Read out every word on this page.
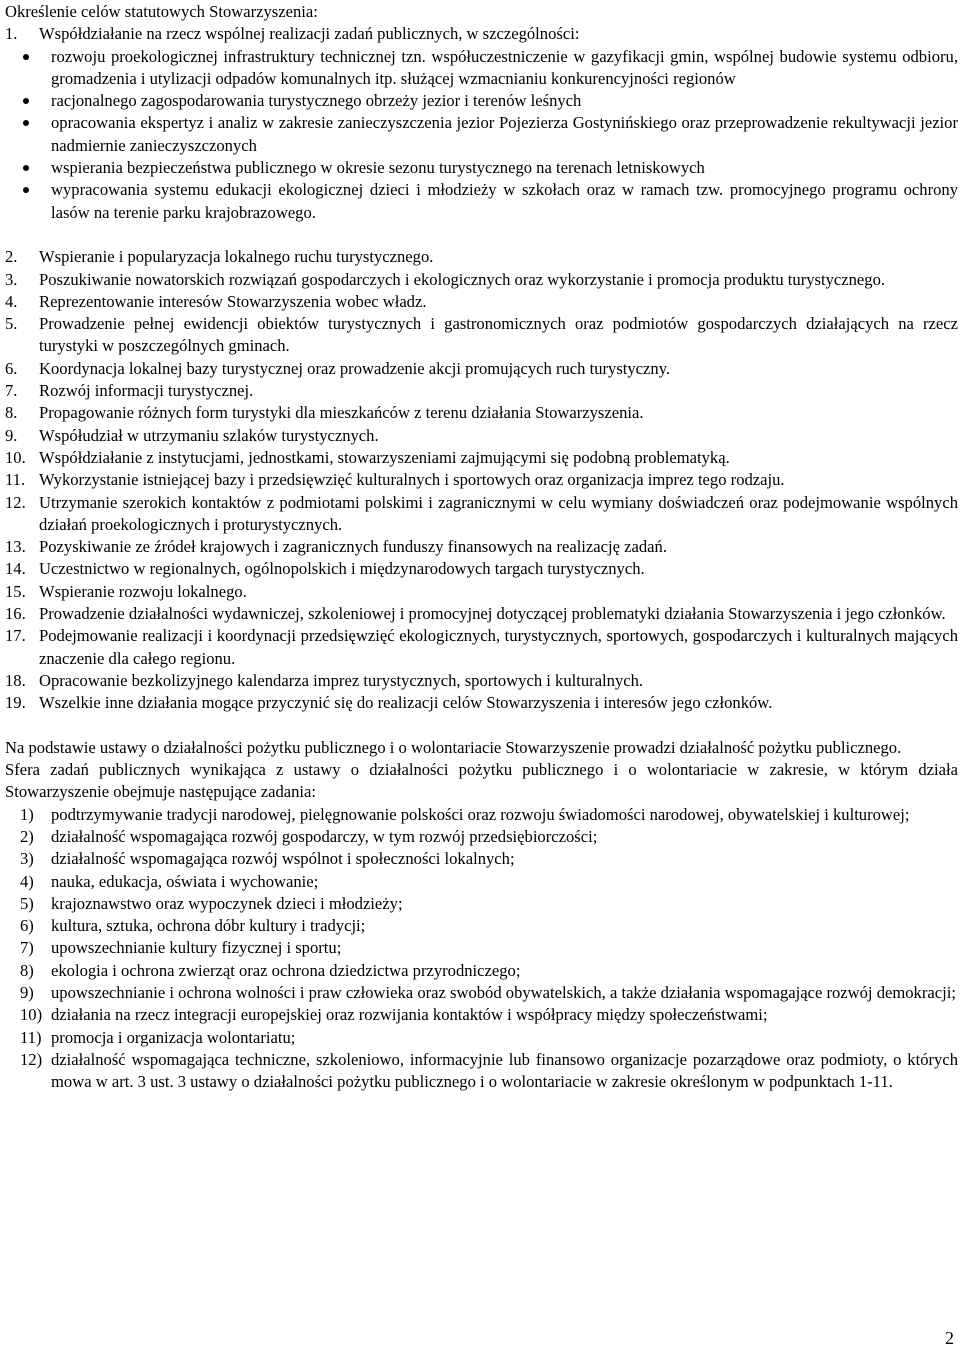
Określenie celów statutowych Stowarzyszenia:

1.	Współdziałanie na rzecz wspólnej realizacji zadań publicznych, w szczególności:
rozwoju proekologicznej infrastruktury technicznej tzn. współuczestniczenie w gazyfikacji gmin, wspólnej budowie systemu odbioru, gromadzenia i utylizacji odpadów komunalnych itp. służącej wzmacnianiu konkurencyjności regionów
racjonalnego zagospodarowania turystycznego obrzeży jezior i terenów leśnych
opracowania ekspertyz i analiz w zakresie zanieczyszczenia jezior Pojezierza Gostynińskiego oraz przeprowadzenie rekultywacji jezior nadmiernie zanieczyszczonych
wspierania bezpieczeństwa publicznego w okresie sezonu turystycznego na terenach letniskowych
wypracowania systemu edukacji ekologicznej dzieci i młodzieży w szkołach oraz w ramach tzw. promocyjnego programu ochrony lasów na terenie parku krajobrazowego.
2.	Wspieranie i popularyzacja lokalnego ruchu turystycznego.
3.	Poszukiwanie nowatorskich rozwiązań gospodarczych i ekologicznych oraz wykorzystanie i promocja produktu turystycznego.
4.	Reprezentowanie interesów Stowarzyszenia wobec władz.
5.	Prowadzenie pełnej ewidencji obiektów turystycznych i gastronomicznych oraz podmiotów gospodarczych działających na rzecz turystyki w poszczególnych gminach.
6.	Koordynacja lokalnej bazy turystycznej oraz prowadzenie akcji promujących ruch turystyczny.
7.	Rozwój informacji turystycznej.
8.	Propagowanie różnych form turystyki dla mieszkańców z terenu działania Stowarzyszenia.
9.	Współudział w utrzymaniu szlaków turystycznych.
10. Współdziałanie z instytucjami, jednostkami, stowarzyszeniami zajmującymi się podobną problematyką.
11. Wykorzystanie istniejącej bazy i przedsięwzięć kulturalnych i sportowych oraz organizacja imprez tego rodzaju.
12. Utrzymanie szerokich kontaktów z podmiotami polskimi i zagranicznymi w celu wymiany doświadczeń oraz podejmowanie wspólnych działań proekologicznych i proturystycznych.
13. Pozyskiwanie ze źródeł krajowych i zagranicznych funduszy finansowych na realizację zadań.
14. Uczestnictwo w regionalnych, ogólnopolskich i międzynarodowych targach turystycznych.
15. Wspieranie rozwoju lokalnego.
16. Prowadzenie działalności wydawniczej, szkoleniowej i promocyjnej dotyczącej problematyki działania Stowarzyszenia i jego członków.
17. Podejmowanie realizacji i koordynacji przedsięwzięć ekologicznych, turystycznych, sportowych, gospodarczych i kulturalnych mających znaczenie dla całego regionu.
18. Opracowanie bezkolizyjnego kalendarza imprez turystycznych, sportowych i kulturalnych.
19. Wszelkie inne działania mogące przyczynić się do realizacji celów Stowarzyszenia i interesów jego członków.

Na podstawie ustawy o działalności pożytku publicznego i o wolontariacie Stowarzyszenie prowadzi działalność pożytku publicznego.

Sfera zadań publicznych wynikająca z ustawy o działalności pożytku publicznego i o wolontariacie w zakresie, w którym działa Stowarzyszenie obejmuje następujące zadania:

1)	podtrzymywanie tradycji narodowej, pielęgnowanie polskości oraz rozwoju świadomości narodowej, obywatelskiej i kulturowej;
2)	działalność wspomagająca rozwój gospodarczy, w tym rozwój przedsiębiorczości;
3)	działalność wspomagająca rozwój wspólnot i społeczności lokalnych;
4)	nauka, edukacja, oświata i wychowanie;
5)	krajoznawstwo oraz wypoczynek dzieci i młodzieży;
6)	kultura, sztuka, ochrona dóbr kultury i tradycji;
7)	upowszechnianie kultury fizycznej i sportu;
8)	ekologia i ochrona zwierząt oraz ochrona dziedzictwa przyrodniczego;
9)	upowszechnianie i ochrona wolności i praw człowieka oraz swobód obywatelskich, a także działania wspomagające rozwój demokracji;
10) działania na rzecz integracji europejskiej oraz rozwijania kontaktów i współpracy między społeczeństwami;
11) promocja i organizacja wolontariatu;
12) działalność wspomagająca techniczne, szkoleniowo, informacyjnie lub finansowo organizacje pozarządowe oraz podmioty, o których mowa w art. 3 ust. 3 ustawy o działalności pożytku publicznego i o wolontariacie w zakresie określonym w podpunktach 1-11.
2
